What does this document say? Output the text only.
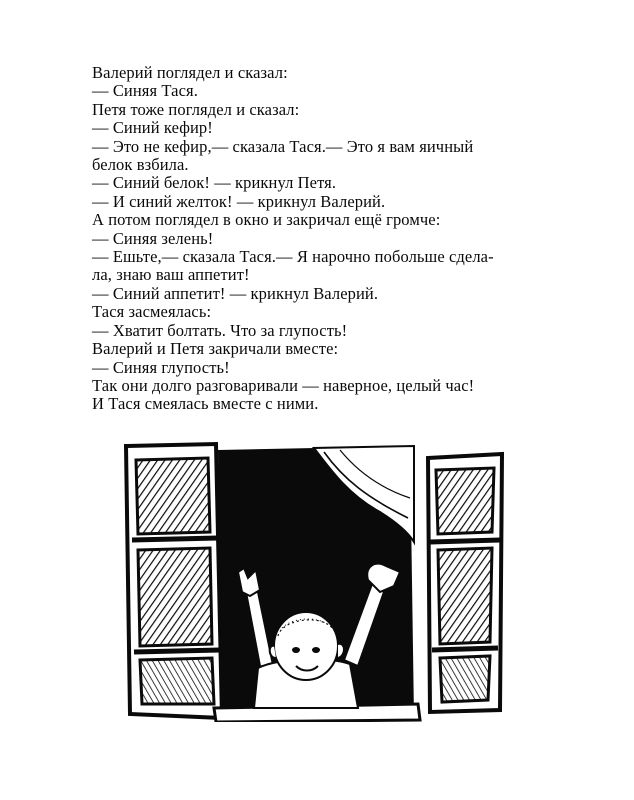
Валерий поглядел и сказал:
— Синяя Тася.
Петя тоже поглядел и сказал:
— Синий кефир!
— Это не кефир,— сказала Тася.— Это я вам яичный
белок взбила.
— Синий белок! — крикнул Петя.
— И синий желток! — крикнул Валерий.
А потом поглядел в окно и закричал ещё громче:
— Синяя зелень!
— Ешьте,— сказала Тася.— Я нарочно побольше сдела-
ла, знаю ваш аппетит!
— Синий аппетит! — крикнул Валерий.
Тася засмеялась:
— Хватит болтать. Что за глупость!
Валерий и Петя закричали вместе:
— Синяя глупость!
Так они долго разговаривали — наверное, целый час!
И Тася смеялась вместе с ними.
